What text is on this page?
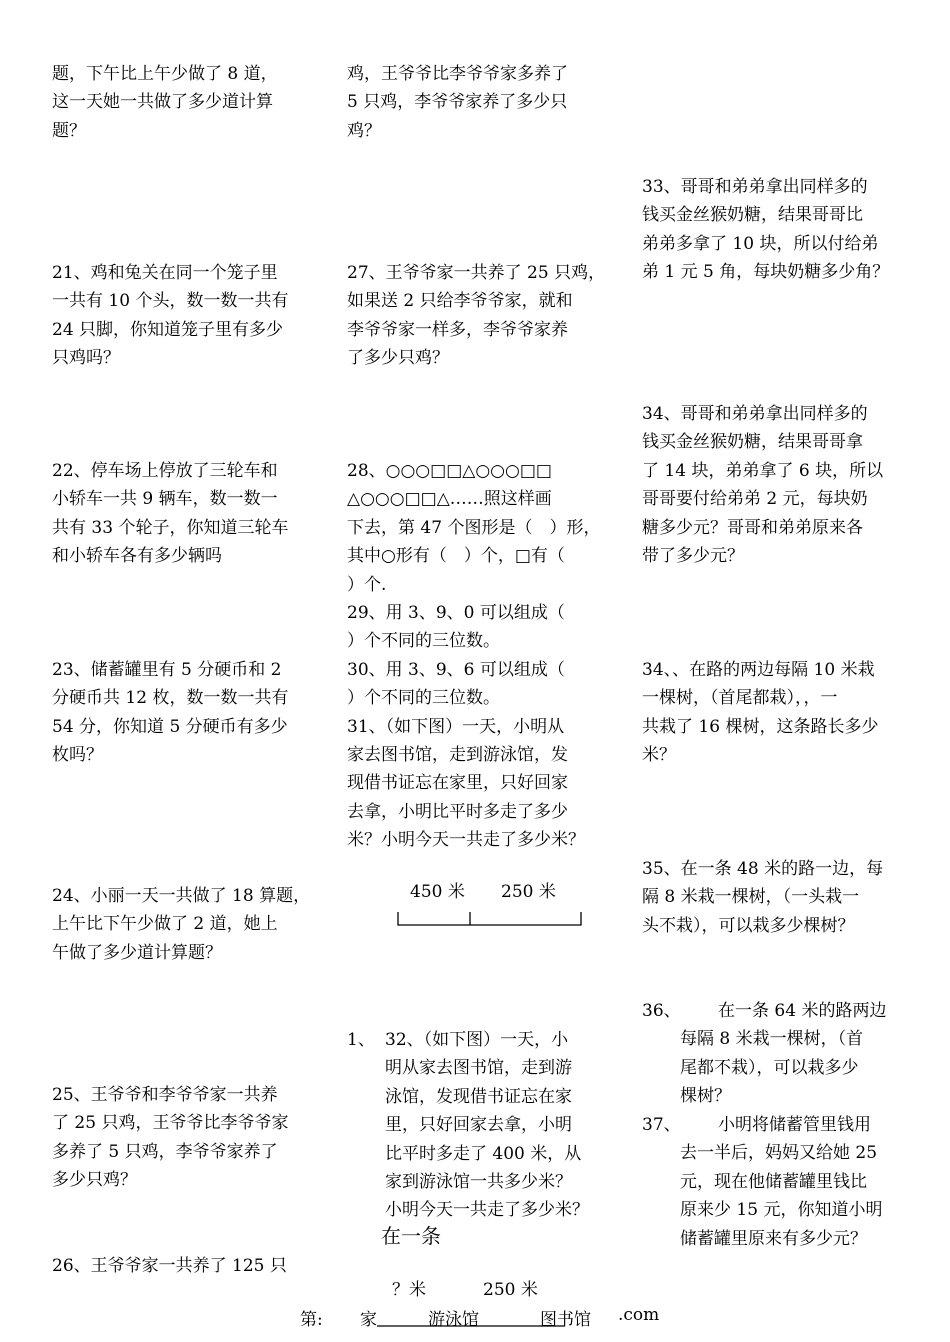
题，下午比上午少做了 8 道，
这一天她一共做了多少道计算
题？
21、鸡和兔关在同一个笼子里
一共有 10 个头，数一数一共有
24 只脚，你知道笼子里有多少
只鸡吗？
22、停车场上停放了三轮车和
小轿车一共 9 辆车，数一数一
共有 33 个轮子，你知道三轮车
和小轿车各有多少辆吗
23、储蓄罐里有 5 分硬币和 2
分硬币共 12 枚，数一数一共有
54 分，你知道 5 分硬币有多少
枚吗？
24、小丽一天一共做了 18 算题，
上午比下午少做了 2 道，她上
午做了多少道计算题？
25、王爷爷和李爷爷家一共养
了 25 只鸡，王爷爷比李爷爷家
多养了 5 只鸡，李爷爷家养了
多少只鸡？
26、王爷爷家一共养了 125 只
鸡，王爷爷比李爷爷家多养了
5 只鸡，李爷爷家养了多少只
鸡？
27、王爷爷家一共养了 25 只鸡，
如果送 2 只给李爷爷家，就和
李爷爷家一样多，李爷爷家养
了多少只鸡？
28、○○○□□△○○○□□
△○○○□□△……照这样画
下去，第 47 个图形是（　）形，
其中○形有（　）个，□有（
）个.
29、用 3、9、0 可以组成（
）个不同的三位数。
30、用 3、9、6 可以组成（
）个不同的三位数。
31、（如下图）一天，小明从
家去图书馆，走到游泳馆，发
现借书证忘在家里，只好回家
去拿，小明比平时多走了多少
米？小明今天一共走了多少米？
450 米 250 米
1、 32、（如下图）一天，小
明从家去图书馆，走到游
泳馆，发现借书证忘在家
里，只好回家去拿，小明
比平时多走了 400 米，从
家到游泳馆一共多少米？
小明今天一共走了多少米？
在一条
？米	250 米
33、哥哥和弟弟拿出同样多的
钱买金丝猴奶糖，结果哥哥比
弟弟多拿了 10 块，所以付给弟
弟 1 元 5 角，每块奶糖多少角？
34、哥哥和弟弟拿出同样多的
钱买金丝猴奶糖，结果哥哥拿
了 14 块，弟弟拿了 6 块，所以
哥哥要付给弟弟 2 元，每块奶
糖多少元？哥哥和弟弟原来各
带了多少元？
34、、在路的两边每隔 10 米栽
一棵树，（首尾都栽），，一
共栽了 16 棵树，这条路长多少
米？
35、在一条 48 米的路一边，每
隔 8 米栽一棵树，（一头栽一
头不栽），可以栽多少棵树？
36、	在一条 64 米的路两边
每隔 8 米栽一棵树，（首
尾都不栽），可以栽多少
棵树？
37、	小明将储蓄管里钱用
去一半后，妈妈又给她 25
元，现在他储蓄罐里钱比
原来少 15 元，你知道小明
储蓄罐里原来有多少元？
第: 家	游泳馆	图书馆 .com
